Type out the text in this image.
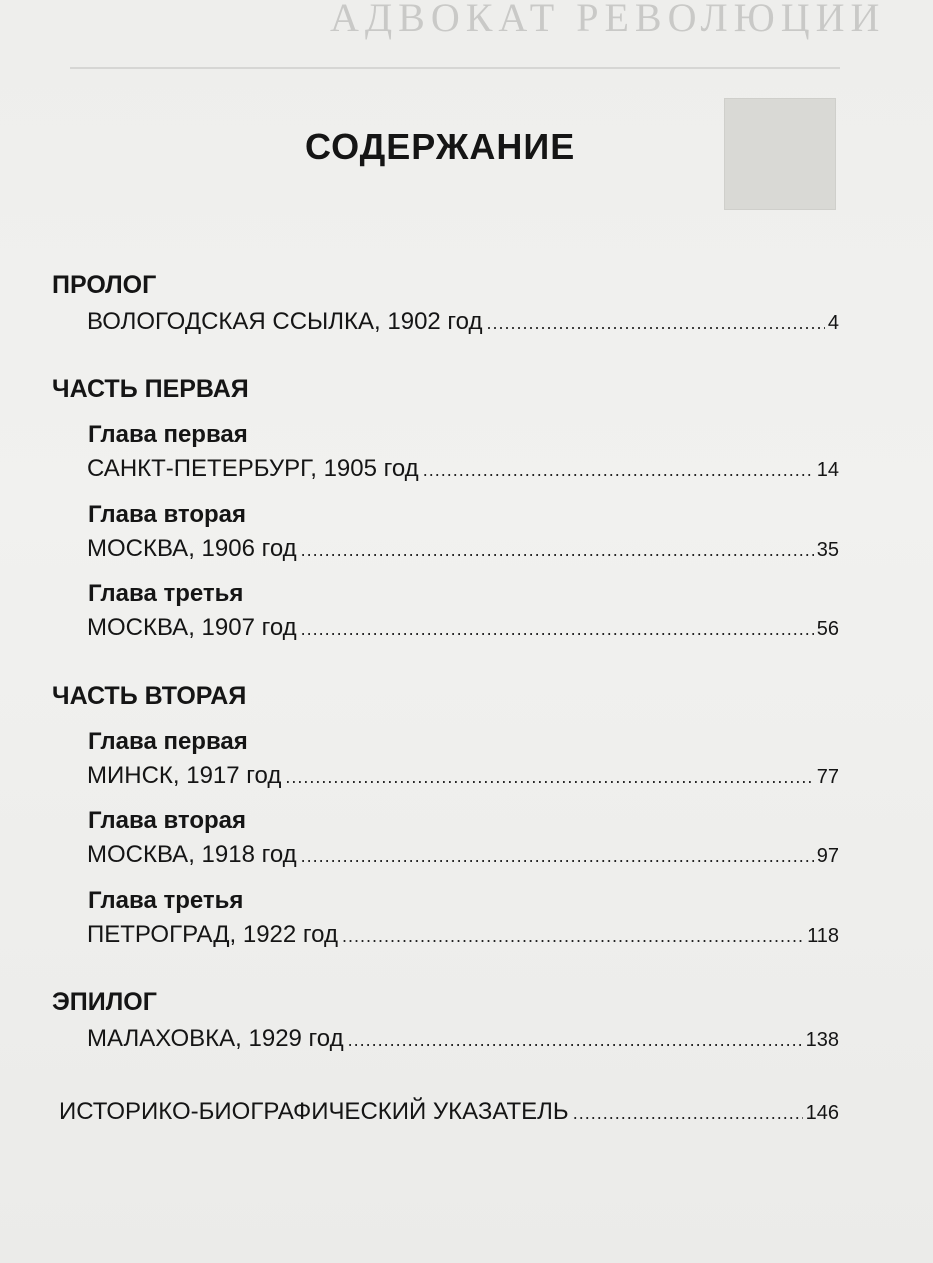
АДВОКАТ РЕВОЛЮЦИИ
СОДЕРЖАНИЕ
ПРОЛОГ
ВОЛОГОДСКАЯ ССЫЛКА, 1902 год .....	4
ЧАСТЬ ПЕРВАЯ
Глава первая
САНКТ-ПЕТЕРБУРГ, 1905 год .....	14
Глава вторая
МОСКВА, 1906 год .....	35
Глава третья
МОСКВА, 1907 год .....	56
ЧАСТЬ ВТОРАЯ
Глава первая
МИНСК, 1917 год .....	77
Глава вторая
МОСКВА, 1918 год .....	97
Глава третья
ПЕТРОГРАД, 1922 год .....	118
ЭПИЛОГ
МАЛАХОВКА, 1929 год .....	138
ИСТОРИКО-БИОГРАФИЧЕСКИЙ УКАЗАТЕЛЬ .....	146
